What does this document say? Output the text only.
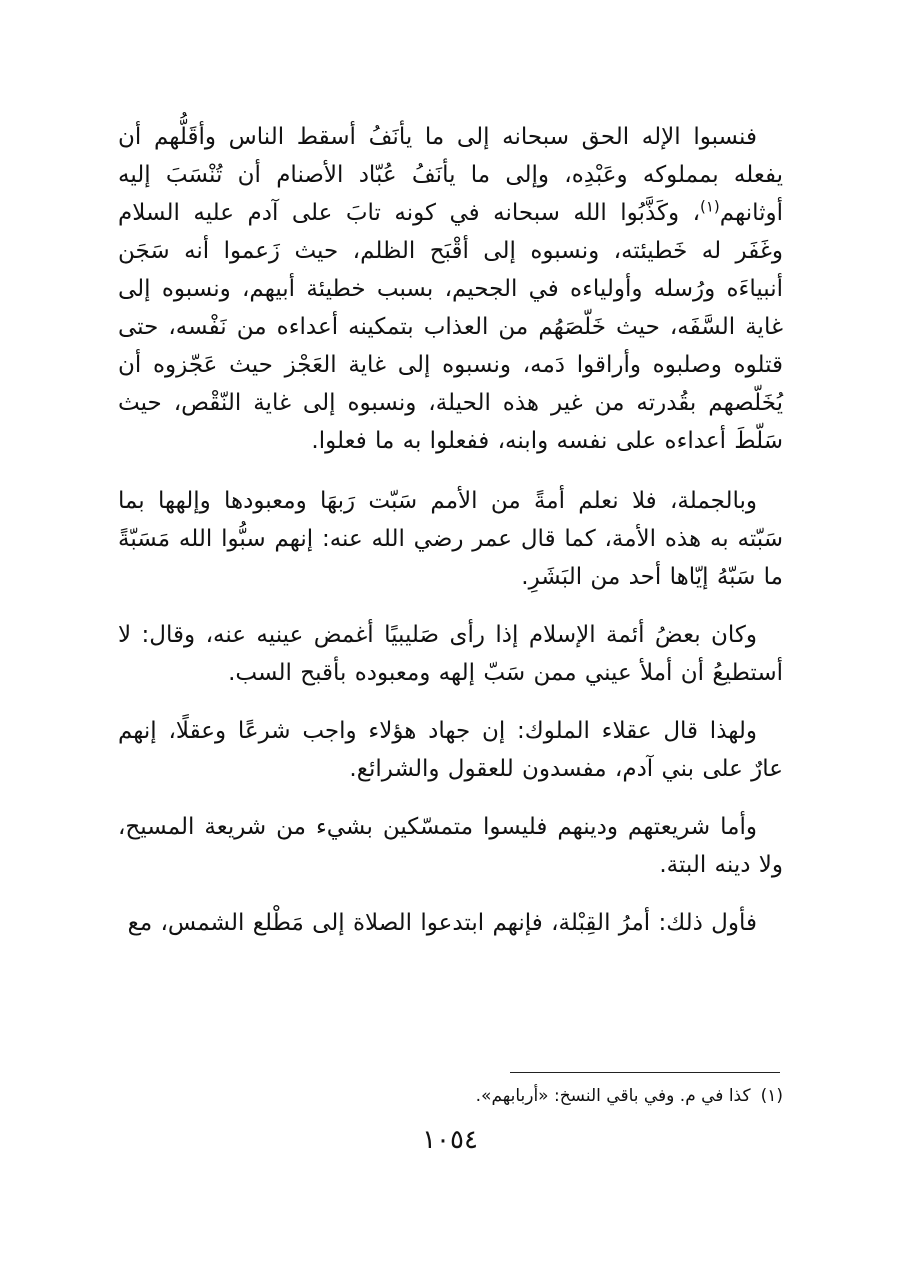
فنسبوا الإله الحق سبحانه إلى ما يأنَفُ أسقط الناس وأقَلُّهم أن يفعله بمملوكه وعَبْدِه، وإلى ما يأنَفُ عُبّاد الأصنام أن تُنْسَبَ إليه أوثانهم$^{(١)}$، وكَذَّبُوا الله سبحانه في كونه تابَ على آدم عليه السلام وغَفَر له خَطيئته، ونسبوه إلى أقْبَح الظلم، حيث زَعموا أنه سَجَن أنبياءَه ورُسله وأولياءه في الجحيم، بسبب خطيئة أبيهم، ونسبوه إلى غاية السَّفَه، حيث خَلّصَهُم من العذاب بتمكينه أعداءه من نَفْسه، حتى قتلوه وصلبوه وأراقوا دَمه، ونسبوه إلى غاية العَجْز حيث عَجّزوه أن يُخَلّصهم بقُدرته من غير هذه الحيلة، ونسبوه إلى غاية النّقْص، حيث سَلّطَ أعداءه على نفسه وابنه، ففعلوا به ما فعلوا.

وبالجملة، فلا نعلم أمةً من الأمم سَبّت رَبهَا ومعبودها وإلهها بما سَبّته به هذه الأمة، كما قال عمر رضي الله عنه: إنهم سبُّوا الله مَسَبّةً ما سَبّهُ إيّاها أحد من البَشَرِ.

وكان بعضُ أئمة الإسلام إذا رأى صَليبيًا أغمض عينيه عنه، وقال: لا أستطيعُ أن أملأ عيني ممن سَبّ إلهه ومعبوده بأقبح السب.

ولهذا قال عقلاء الملوك: إن جهاد هؤلاء واجب شرعًا وعقلًا، إنهم عارٌ على بني آدم، مفسدون للعقول والشرائع.

وأما شريعتهم ودينهم فليسوا متمسّكين بشيء من شريعة المسيح، ولا دينه البتة.

فأول ذلك: أمرُ القِبْلة، فإنهم ابتدعوا الصلاة إلى مَطْلع الشمس، مع

(١)كذا في م. وفي باقي النسخ: «أربابهم».
١٠٥٤
